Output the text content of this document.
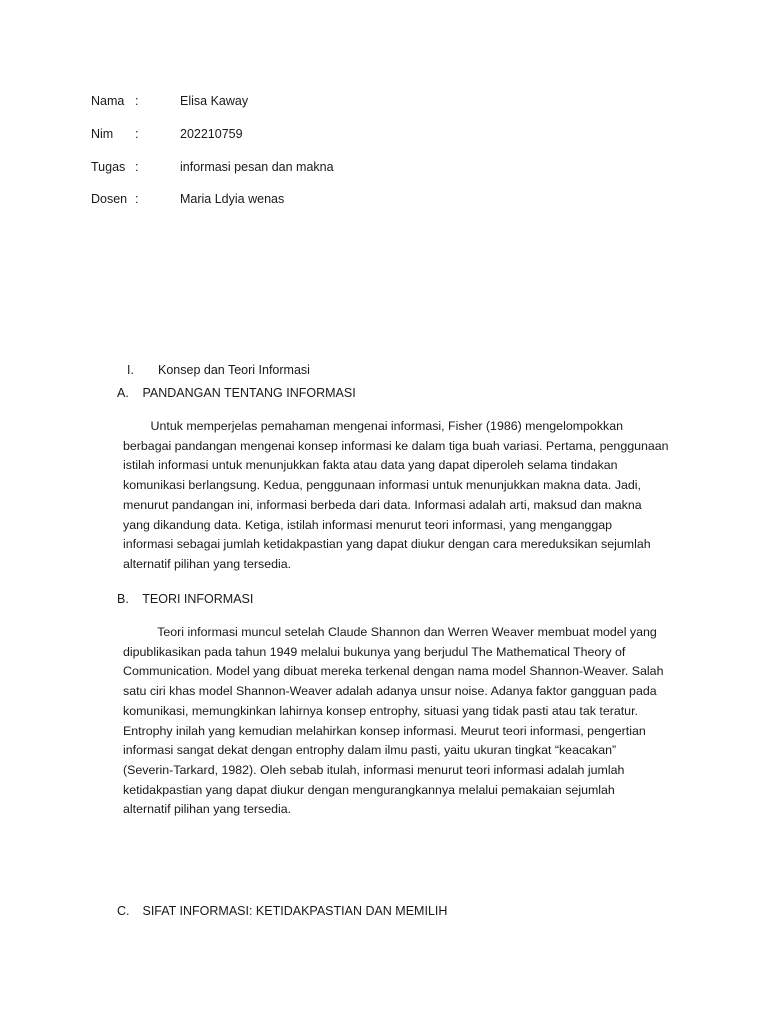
Nama :	Elisa Kaway
Nim :	202210759
Tugas :	informasi pesan dan makna
Dosen :	Maria Ldyia wenas
I. Konsep dan Teori Informasi
A. PANDANGAN TENTANG INFORMASI

Untuk memperjelas pemahaman mengenai informasi, Fisher (1986) mengelompokkan
berbagai pandangan mengenai konsep informasi ke dalam tiga buah variasi. Pertama, penggunaan
istilah informasi untuk menunjukkan fakta atau data yang dapat diperoleh selama tindakan
komunikasi berlangsung. Kedua, penggunaan informasi untuk menunjukkan makna data. Jadi,
menurut pandangan ini, informasi berbeda dari data. Informasi adalah arti, maksud dan makna
yang dikandung data. Ketiga, istilah informasi menurut teori informasi, yang menganggap
informasi sebagai jumlah ketidakpastian yang dapat diukur dengan cara mereduksikan sejumlah
alternatif pilihan yang tersedia.

B. TEORI INFORMASI

Teori informasi muncul setelah Claude Shannon dan Werren Weaver membuat model yang
dipublikasikan pada tahun 1949 melalui bukunya yang berjudul The Mathematical Theory of
Communication. Model yang dibuat mereka terkenal dengan nama model Shannon-Weaver. Salah
satu ciri khas model Shannon-Weaver adalah adanya unsur noise. Adanya faktor gangguan pada
komunikasi, memungkinkan lahirnya konsep entrophy, situasi yang tidak pasti atau tak teratur.
Entrophy inilah yang kemudian melahirkan konsep informasi. Meurut teori informasi, pengertian
informasi sangat dekat dengan entrophy dalam ilmu pasti, yaitu ukuran tingkat “keacakan”
(Severin-Tarkard, 1982). Oleh sebab itulah, informasi menurut teori informasi adalah jumlah
ketidakpastian yang dapat diukur dengan mengurangkannya melalui pemakaian sejumlah
alternatif pilihan yang tersedia.

C. SIFAT INFORMASI: KETIDAKPASTIAN DAN MEMILIH
